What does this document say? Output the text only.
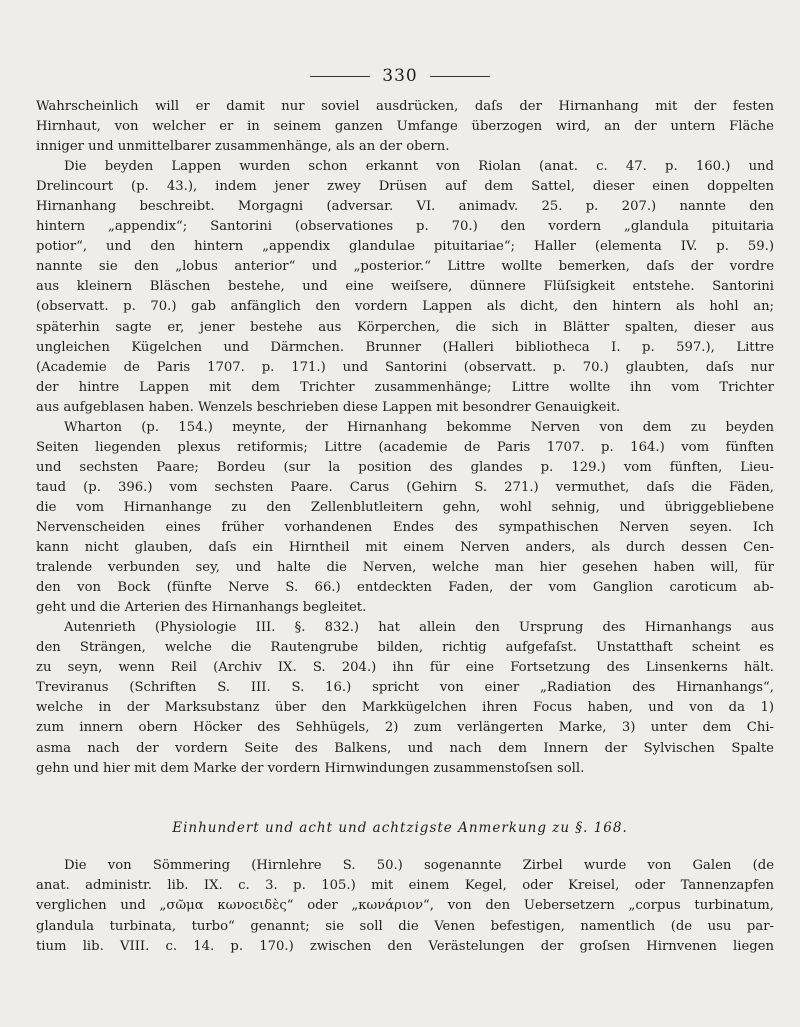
330
Wahrscheinlich will er damit nur soviel ausdrücken, daſs der Hirnanhang mit der festen
Hirnhaut, von welcher er in seinem ganzen Umfange überzogen wird, an der untern Fläche
inniger und unmittelbarer zusammenhänge, als an der obern.
Die beyden Lappen wurden schon erkannt von Riolan (anat. c. 47. p. 160.) und
Drelincourt (p. 43.), indem jener zwey Drüsen auf dem Sattel, dieser einen doppelten
Hirnanhang beschreibt. Morgagni (adversar. VI. animadv. 25. p. 207.) nannte den
hintern „appendix“; Santorini (observationes p. 70.) den vordern „glandula pituitaria
potior“, und den hintern „appendix glandulae pituitariae“; Haller (elementa IV. p. 59.)
nannte sie den „lobus anterior“ und „posterior.“ Littre wollte bemerken, daſs der vordre
aus kleinern Bläschen bestehe, und eine weiſsere, dünnere Flüſsigkeit entstehe. Santorini
(observatt. p. 70.) gab anfänglich den vordern Lappen als dicht, den hintern als hohl an;
späterhin sagte er, jener bestehe aus Körperchen, die sich in Blätter spalten, dieser aus
ungleichen Kügelchen und Därmchen. Brunner (Halleri bibliotheca I. p. 597.), Littre
(Academie de Paris 1707. p. 171.) und Santorini (observatt. p. 70.) glaubten, daſs nur
der hintre Lappen mit dem Trichter zusammenhänge; Littre wollte ihn vom Trichter
aus aufgeblasen haben. Wenzels beschrieben diese Lappen mit besondrer Genauigkeit.
Wharton (p. 154.) meynte, der Hirnanhang bekomme Nerven von dem zu beyden
Seiten liegenden plexus retiformis; Littre (academie de Paris 1707. p. 164.) vom fünften
und sechsten Paare; Bordeu (sur la position des glandes p. 129.) vom fünften, Lieu-
taud (p. 396.) vom sechsten Paare. Carus (Gehirn S. 271.) vermuthet, daſs die Fäden,
die vom Hirnanhange zu den Zellenblutleitern gehn, wohl sehnig, und übriggebliebene
Nervenscheiden eines früher vorhandenen Endes des sympathischen Nerven seyen. Ich
kann nicht glauben, daſs ein Hirntheil mit einem Nerven anders, als durch dessen Cen-
tralende verbunden sey, und halte die Nerven, welche man hier gesehen haben will, für
den von Bock (fünfte Nerve S. 66.) entdeckten Faden, der vom Ganglion caroticum ab-
geht und die Arterien des Hirnanhangs begleitet.
Autenrieth (Physiologie III. §. 832.) hat allein den Ursprung des Hirnanhangs aus
den Strängen, welche die Rautengrube bilden, richtig aufgefaſst. Unstatthaft scheint es
zu seyn, wenn Reil (Archiv IX. S. 204.) ihn für eine Fortsetzung des Linsenkerns hält.
Treviranus (Schriften S. III. S. 16.) spricht von einer „Radiation des Hirnanhangs“,
welche in der Marksubstanz über den Markkügelchen ihren Focus haben, und von da 1)
zum innern obern Höcker des Sehhügels, 2) zum verlängerten Marke, 3) unter dem Chi-
asma nach der vordern Seite des Balkens, und nach dem Innern der Sylvischen Spalte
gehn und hier mit dem Marke der vordern Hirnwindungen zusammenstoſsen soll.
Einhundert und acht und achtzigste Anmerkung zu §. 168.
Die von Sömmering (Hirnlehre S. 50.) sogenannte Zirbel wurde von Galen (de
anat. administr. lib. IX. c. 3. p. 105.) mit einem Kegel, oder Kreisel, oder Tannenzapfen
verglichen und „σῶμα κωνοειδὲς“ oder „κωνάριον“, von den Uebersetzern „corpus turbinatum,
glandula turbinata, turbo“ genannt; sie soll die Venen befestigen, namentlich (de usu par-
tium lib. VIII. c. 14. p. 170.) zwischen den Verästelungen der groſsen Hirnvenen liegen
